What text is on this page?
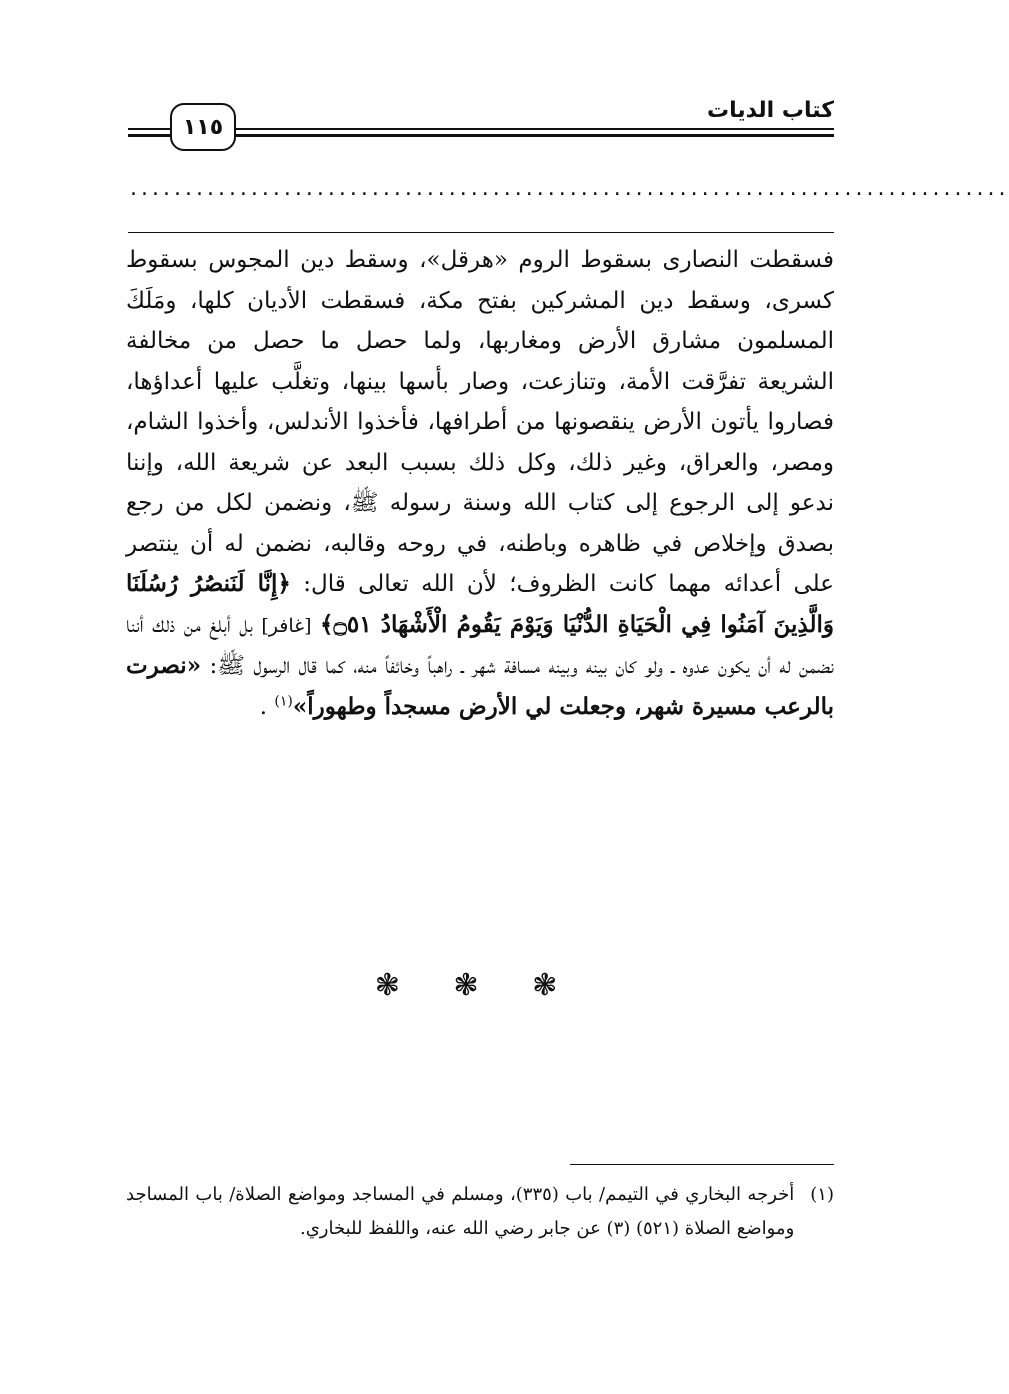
كتاب الديات
١١٥
................................................................................
فسقطت النصارى بسقوط الروم «هرقل»، وسقط دين المجوس بسقوط كسرى، وسقط دين المشركين بفتح مكة، فسقطت الأديان كلها، ومَلَكَ المسلمون مشارق الأرض ومغاربها، ولما حصل ما حصل من مخالفة الشريعة تفرَّقت الأمة، وتنازعت، وصار بأسها بينها، وتغلَّب عليها أعداؤها، فصاروا يأتون الأرض ينقصونها من أطرافها، فأخذوا الأندلس، وأخذوا الشام، ومصر، والعراق، وغير ذلك، وكل ذلك بسبب البعد عن شريعة الله، وإننا ندعو إلى الرجوع إلى كتاب الله وسنة رسوله ﷺ، ونضمن لكل من رجع بصدق وإخلاص في ظاهره وباطنه، في روحه وقالبه، نضمن له أن ينتصر على أعدائه مهما كانت الظروف؛ لأن الله تعالى قال: ﴿إِنَّا لَنَنصُرُ رُسُلَنَا وَالَّذِينَ آمَنُوا فِي الْحَيَاةِ الدُّنْيَا وَيَوْمَ يَقُومُ الْأَشْهَادُ ۝٥١﴾ [غافر] بل أبلغ من ذلك أننا نضمن له أن يكون عدوه ـ ولو كان بينه وبينه مسافة شهر ـ راهباً وخائفاً منه، كما قال الرسول ﷺ: «نصرت بالرعب مسيرة شهر، وجعلت لي الأرض مسجداً وطهوراً»$^{(١)}$ .
❃ ❃ ❃
(١)
أخرجه البخاري في التيمم/ باب (٣٣٥)، ومسلم في المساجد ومواضع الصلاة/ باب المساجد ومواضع الصلاة (٥٢١) (٣) عن جابر رضي الله عنه، واللفظ للبخاري.
